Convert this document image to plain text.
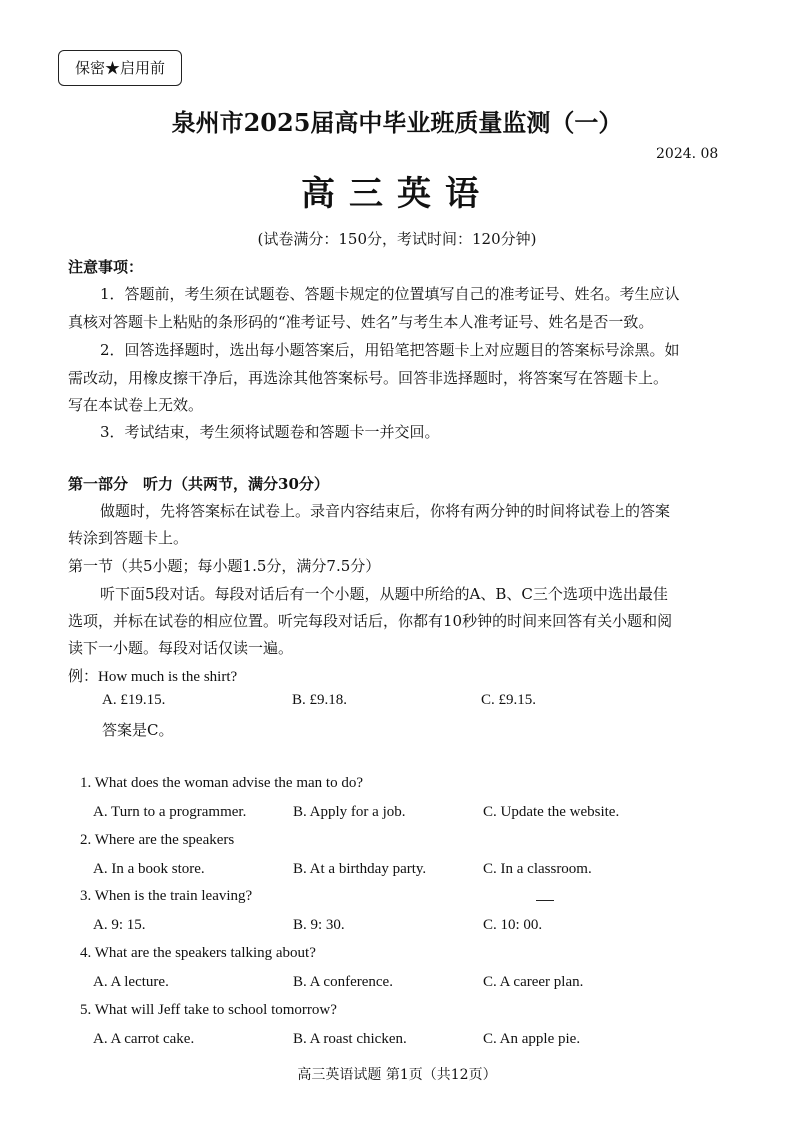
保密★启用前
泉州市2025届高中毕业班质量监测（一）
2024. 08
高三英语
(试卷满分：150分，考试时间：120分钟)
注意事项：
1．答题前，考生须在试题卷、答题卡规定的位置填写自己的准考证号、姓名。考生应认
真核对答题卡上粘贴的条形码的“准考证号、姓名”与考生本人准考证号、姓名是否一致。
2．回答选择题时，选出每小题答案后，用铅笔把答题卡上对应题目的答案标号涂黑。如
需改动，用橡皮擦干净后，再选涂其他答案标号。回答非选择题时，将答案写在答题卡上。
写在本试卷上无效。
3．考试结束，考生须将试题卷和答题卡一并交回。
第一部分　听力（共两节，满分30分）
做题时，先将答案标在试卷上。录音内容结束后，你将有两分钟的时间将试卷上的答案
转涂到答题卡上。
第一节（共5小题；每小题1.5分，满分7.5分）
听下面5段对话。每段对话后有一个小题，从题中所给的A、B、C三个选项中选出最佳
选项，并标在试卷的相应位置。听完每段对话后，你都有10秒钟的时间来回答有关小题和阅
读下一小题。每段对话仅读一遍。
例：How much is the shirt?
A. £19.15.	B. £9.18.	C. £9.15.
答案是C。
1. What does the woman advise the man to do?
A. Turn to a programmer.	B. Apply for a job.	C. Update the website.
2. Where are the speakers
A. In a book store.	B. At a birthday party.	C. In a classroom.
3. When is the train leaving?
A. 9: 15.	B. 9: 30.	C. 10: 00.
4. What are the speakers talking about?
A. A lecture.	B. A conference.	C. A career plan.
5. What will Jeff take to school tomorrow?
A. A carrot cake.	B. A roast chicken.	C. An apple pie.
高三英语试题 第1页（共12页）
